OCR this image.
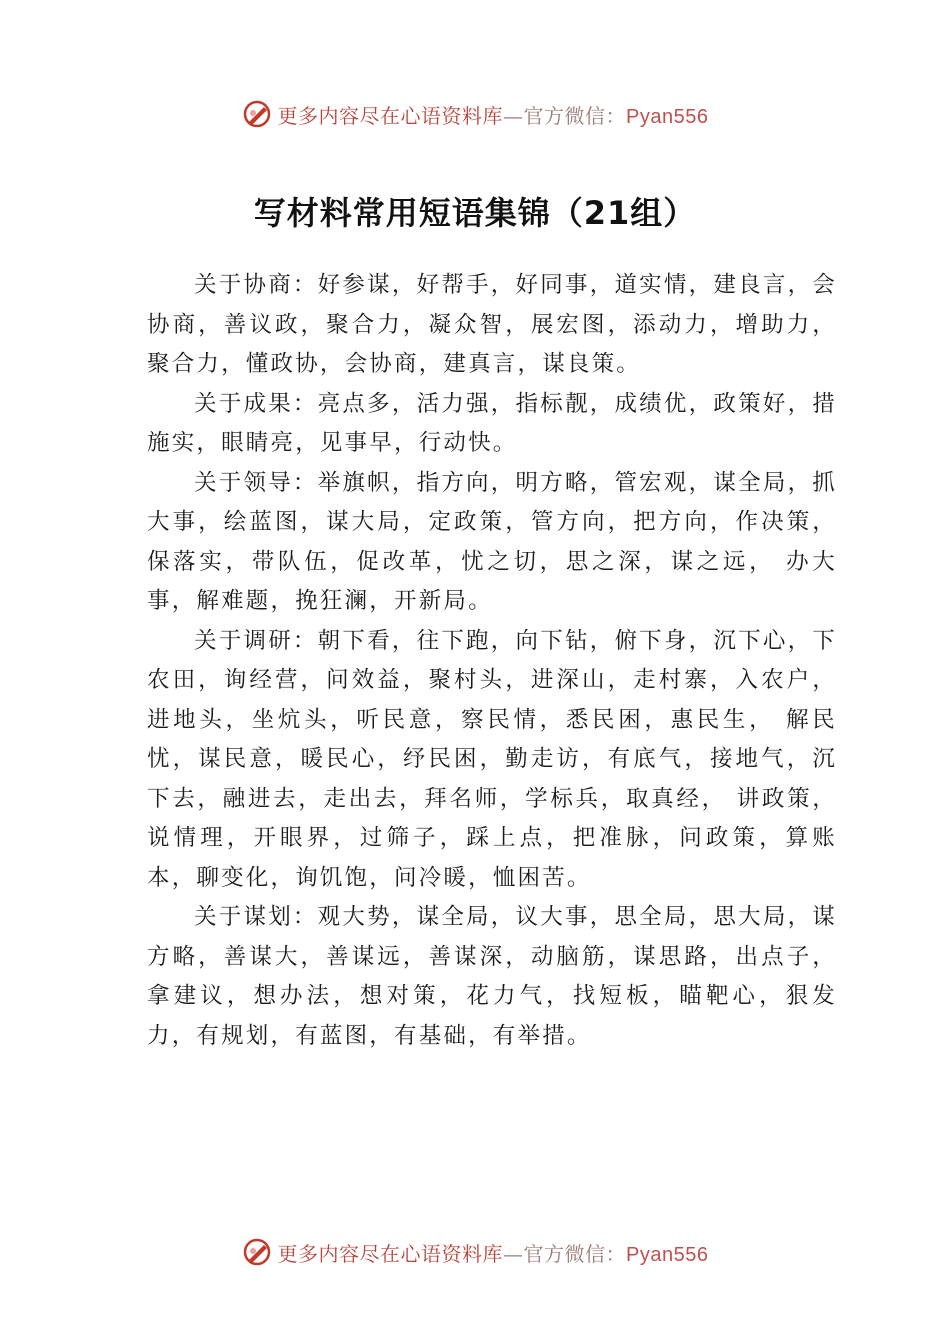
更多内容尽在心语资料库—官方微信：Pyan556
写材料常用短语集锦（21组）

关于协商：好参谋，好帮手，好同事，道实情，建良言，会协商，善议政，聚合力，凝众智，展宏图，添动力，增助力，聚合力，懂政协，会协商，建真言，谋良策。

关于成果：亮点多，活力强，指标靓，成绩优，政策好，措施实，眼睛亮，见事早，行动快。

关于领导：举旗帜，指方向，明方略，管宏观，谋全局，抓大事，绘蓝图，谋大局，定政策，管方向，把方向，作决策，保落实，带队伍，促改革，忧之切，思之深，谋之远， 办大事，解难题，挽狂澜，开新局。

关于调研：朝下看，往下跑，向下钻，俯下身，沉下心，下农田，询经营，问效益，聚村头，进深山，走村寨，入农户，进地头，坐炕头，听民意，察民情，悉民困，惠民生， 解民忧，谋民意，暖民心，纾民困，勤走访，有底气，接地气，沉下去，融进去，走出去，拜名师，学标兵，取真经， 讲政策，说情理，开眼界，过筛子，踩上点，把准脉，问政策，算账本，聊变化，询饥饱，问冷暖，恤困苦。

关于谋划：观大势，谋全局，议大事，思全局，思大局，谋方略，善谋大，善谋远，善谋深，动脑筋，谋思路，出点子，拿建议，想办法，想对策，花力气，找短板，瞄靶心，狠发力，有规划，有蓝图，有基础，有举措。

更多内容尽在心语资料库—官方微信：Pyan556
